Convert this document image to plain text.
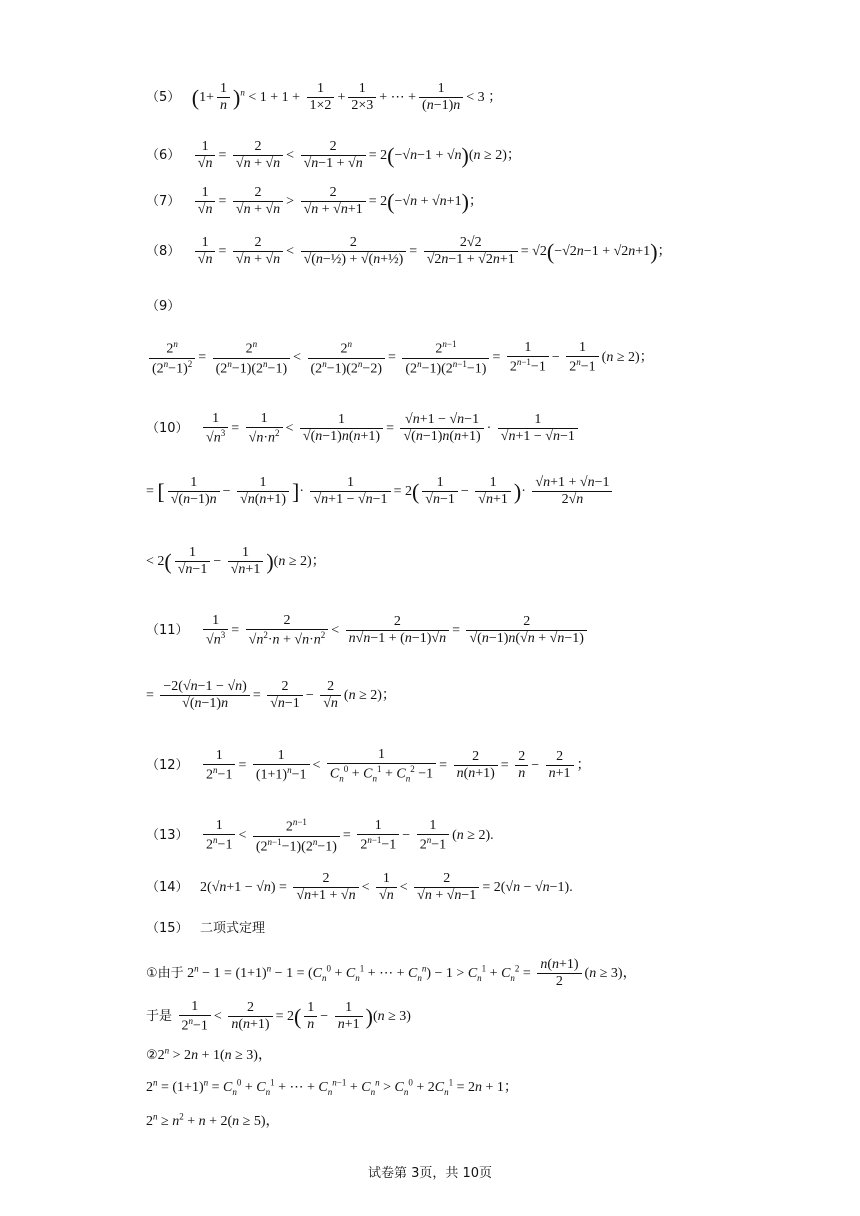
（5） $(1+ \frac{1}{n} )^n < 1 + 1 + \frac{1}{1\times 2} + \frac{1}{2\times 3}$ + ⋯ + $\frac{1}{(n-1)n} < 3$ ；
$(6) \frac{1}{√n} = \frac{2}{√n + √n} < \frac{2}{√n-1 + √n} = 2(-√n-1 + √n)(n \ge 2)$；
$(7) \frac{1}{√n} = \frac{2}{√n + √n} > \frac{2}{√n + √n+1} = 2(-√n + √n+1)$；
$(8) \frac{1}{√n} = \frac{2}{√n + √n} < \frac{2}{\text{√(n−½) + √(n+½)}} = \frac{2√2}{√2n-1 + √2n+1} = √2(-√2n-1 + √2n+1)$；
（9）
$\frac{2^n}{(2^n-1)^2} = \frac{2^n}{(2^n-1)(2^n-1)} < \frac{2^n}{(2^n-1)(2^n-2)} = \frac{2^{n-1}}{(2^n-1)(2^{n-1}-1)} = \frac{1}{2^{n-1}-1} - \frac{1}{2^n-1} (n \ge 2)$；
$(10) \frac{1}{√n^3} = \frac{1}{√n\cdot n^2} < \frac{1}{√(n-1)n(n+1)} = \frac{√n+1 - √n-1}{√(n-1)n(n+1)} \cdot \frac{1}{√n+1 - √n-1}$
= [ $\frac{1}{√(n-1)n} - \frac{1}{√n(n+1)}$ ]· $\frac{1}{√n+1 - √n-1} = 2( \frac{1}{√n-1} - \frac{1}{√n+1}$ )· $\frac{√n+1 + √n-1}{2√n}$
< $2( \frac{1}{√n-1} - \frac{1}{√n+1} )(n \ge 2)$；
$(11) \frac{1}{√n^3} = \frac{2}{√n^2\cdot n + √n\cdot n^2} < \frac{2}{n√n-1 + (n-1)√n} = \frac{2}{√(n-1)n(√n + √n-1)}$
= $\frac{-2(√n-1 - √n)}{√(n-1)n} = \frac{2}{√n-1} - \frac{2}{√n} (n \ge 2)$；
$(12) \frac{1}{2^n-1} = \frac{1}{(1+1)^n-1} < \frac{1}{C_n^0 + C_n^1 + C_n^2 -1} = \frac{2}{n(n+1)} = \frac{2}{n} - \frac{2}{n+1}$ ；
$(13) \frac{1}{2^n-1} < \frac{2^{n-1}}{(2^{n-1}-1)(2^n-1)} = \frac{1}{2^{n-1}-1} - \frac{1}{2^n-1} (n \ge 2)$.
（14） $2(√n+1 - √n) = \frac{2}{√n+1 + √n} < \frac{1}{√n} < \frac{2}{√n + √n-1} = 2(√n - √n-1)$.
（15） 二项式定理
①由于 $2^n - 1 = (1+1)^n - 1 = (C_n^0 + C_n^1$ + ⋯ + $C_n^n) - 1 > C_n^1 + C_n^2 = \frac{n(n+1)}{2} (n \ge 3)$，
于是 $\frac{1}{2^n-1} < \frac{2}{n(n+1)} = 2( \frac{1}{n} - \frac{1}{n+1} )(n \ge 3)$
$②2^n > 2n + 1(n \ge 3)$，
$2^n = (1+1)^n = C_n^0 + C_n^1$ + ⋯ + $C_n^{n-1} + C_n^n > C_n^0 + 2C_n^1 = 2n + 1$；
$2^n \ge n^2 + n + 2(n \ge 5)$，
试卷第 3页，共 10页
